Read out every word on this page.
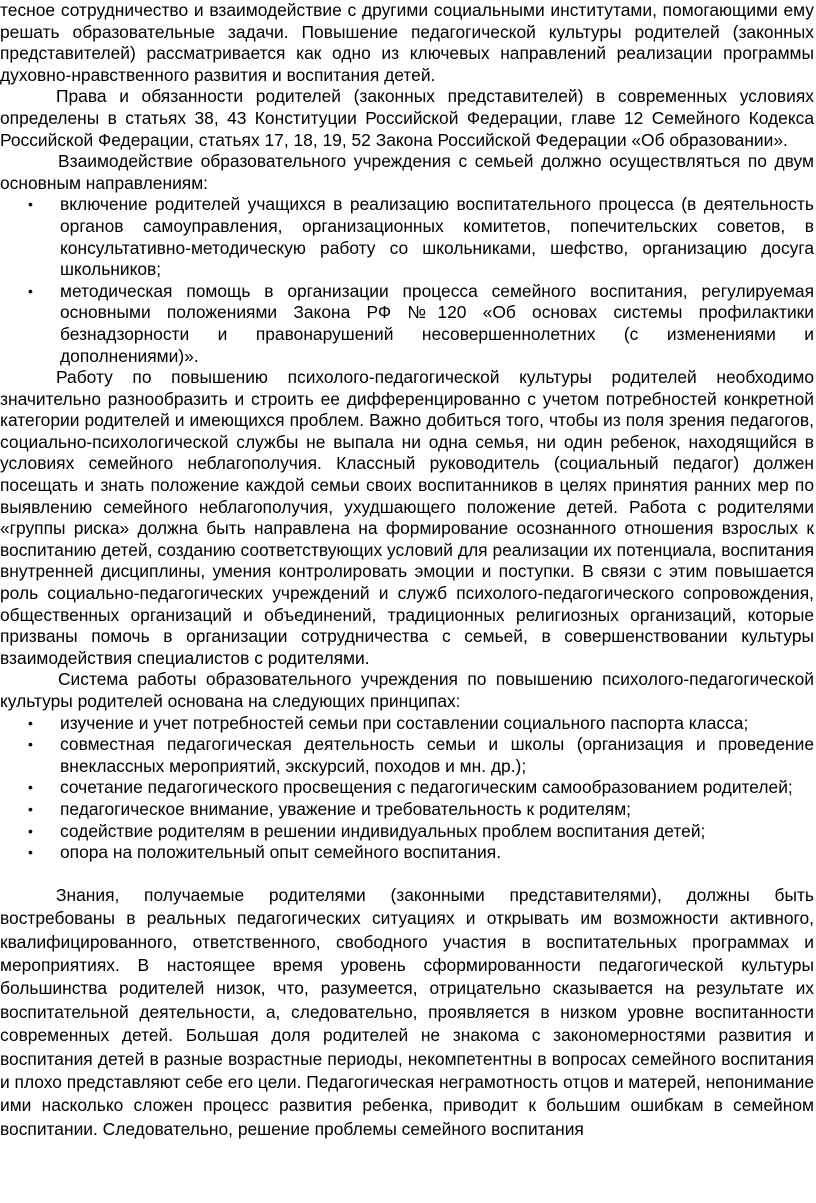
тесное сотрудничество и взаимодействие с другими социальными институтами, помогающими ему решать образовательные задачи. Повышение педагогической культуры родителей (законных представителей) рассматривается как одно из ключевых направлений реализации программы духовно-нравственного развития и воспитания детей.

Права и обязанности родителей (законных представителей) в современных условиях определены в статьях 38, 43 Конституции Российской Федерации, главе 12 Семейного Кодекса Российской Федерации, статьях 17, 18, 19, 52 Закона Российской Федерации «Об образовании».

Взаимодействие образовательного учреждения с семьей должно осуществляться по двум основным направлениям:

• включение родителей учащихся в реализацию воспитательного процесса (в деятельность органов самоуправления, организационных комитетов, попечительских советов, в консультативно-методическую работу со школьниками, шефство, организацию досуга школьников;
• методическая помощь в организации процесса семейного воспитания, регулируемая основными положениями Закона РФ №120 «Об основах системы профилактики безнадзорности и правонарушений несовершеннолетних (с изменениями и дополнениями)».

Работу по повышению психолого-педагогической культуры родителей необходимо значительно разнообразить и строить ее дифференцированно с учетом потребностей конкретной категории родителей и имеющихся проблем. Важно добиться того, чтобы из поля зрения педагогов, социально-психологической службы не выпала ни одна семья, ни один ребенок, находящийся в условиях семейного неблагополучия. Классный руководитель (социальный педагог) должен посещать и знать положение каждой семьи своих воспитанников в целях принятия ранних мер по выявлению семейного неблагополучия, ухудшающего положение детей. Работа с родителями «группы риска» должна быть направлена на формирование осознанного отношения взрослых к воспитанию детей, созданию соответствующих условий для реализации их потенциала, воспитания внутренней дисциплины, умения контролировать эмоции и поступки. В связи с этим повышается роль социально-педагогических учреждений и служб психолого-педагогического сопровождения, общественных организаций и объединений, традиционных религиозных организаций, которые призваны помочь в организации сотрудничества с семьей, в совершенствовании культуры взаимодействия специалистов с родителями.

Система работы образовательного учреждения по повышению психолого-педагогической культуры родителей основана на следующих принципах:

• изучение и учет потребностей семьи при составлении социального паспорта класса;
• совместная педагогическая деятельность семьи и школы (организация и проведение внеклассных мероприятий, экскурсий, походов и мн. др.);
• сочетание педагогического просвещения с педагогическим самообразованием родителей;
• педагогическое внимание, уважение и требовательность к родителям;
• содействие родителям в решении индивидуальных проблем воспитания детей;
• опора на положительный опыт семейного воспитания.

Знания, получаемые родителями (законными представителями), должны быть востребованы в реальных педагогических ситуациях и открывать им возможности активного, квалифицированного, ответственного, свободного участия в воспитательных программах и мероприятиях. В настоящее время уровень сформированности педагогической культуры большинства родителей низок, что, разумеется, отрицательно сказывается на результате их воспитательной деятельности, а, следовательно, проявляется в низком уровне воспитанности современных детей. Большая доля родителей не знакома с закономерностями развития и воспитания детей в разные возрастные периоды, некомпетентны в вопросах семейного воспитания и плохо представляют себе его цели. Педагогическая неграмотность отцов и матерей, непонимание ими насколько сложен процесс развития ребенка, приводит к большим ошибкам в семейном воспитании. Следовательно, решение проблемы семейного воспитания
